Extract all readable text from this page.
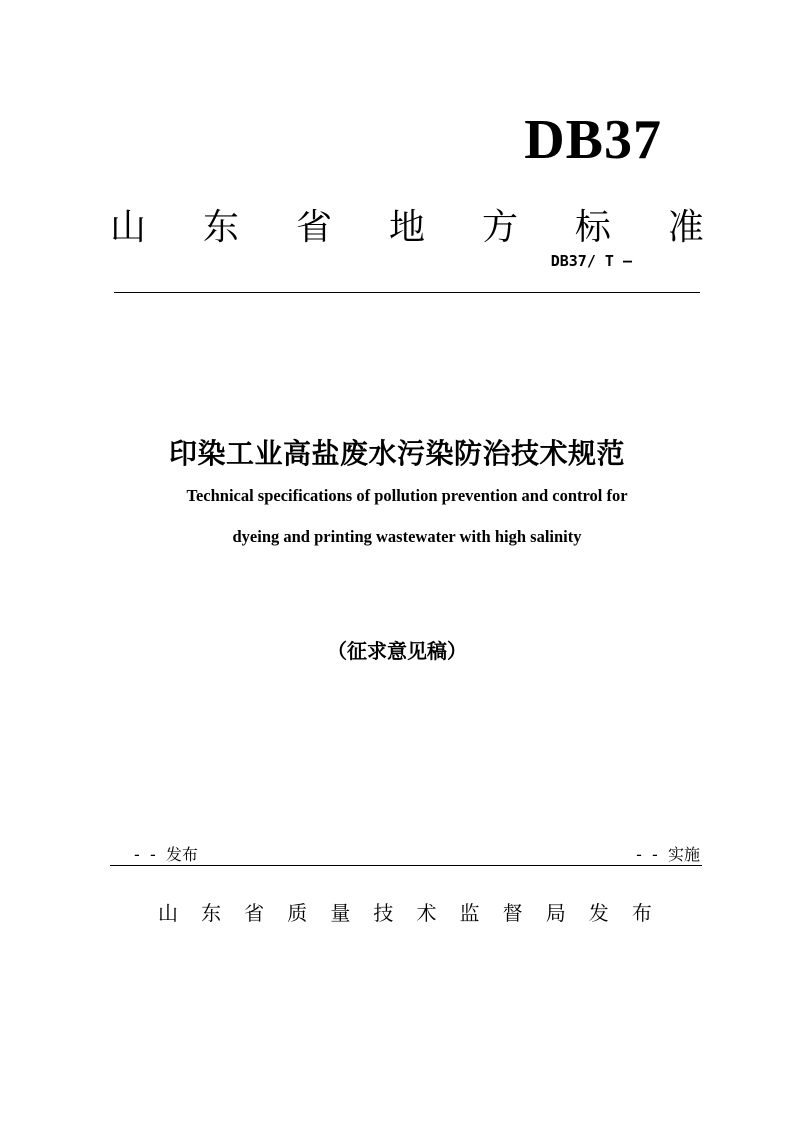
DB37
山 东 省 地 方 标 准
DB37/ T —
印染工业高盐废水污染防治技术规范
Technical specifications of pollution prevention and control for
dyeing and printing wastewater with high salinity
（征求意见稿）
-  -  发布	-  -  实施
山 东 省 质 量 技 术 监 督 局 发 布
